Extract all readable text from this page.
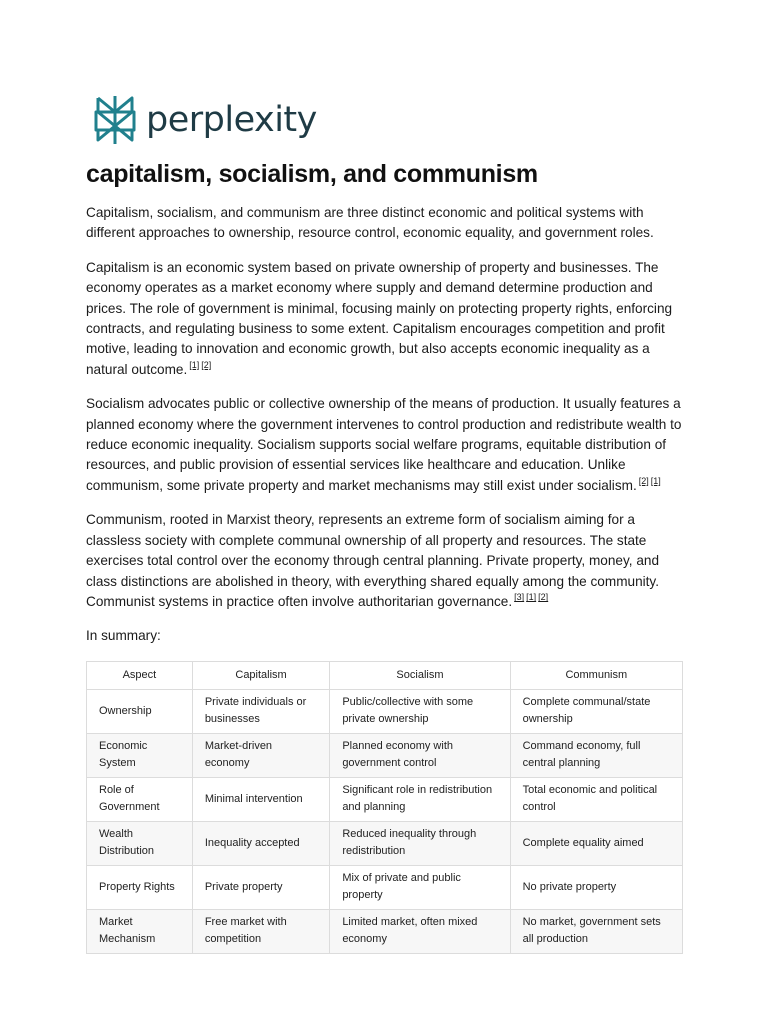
perplexity
capitalism, socialism, and communism

Capitalism, socialism, and communism are three distinct economic and political systems with different approaches to ownership, resource control, economic equality, and government roles.

Capitalism is an economic system based on private ownership of property and businesses. The economy operates as a market economy where supply and demand determine production and prices. The role of government is minimal, focusing mainly on protecting property rights, enforcing contracts, and regulating business to some extent. Capitalism encourages competition and profit motive, leading to innovation and economic growth, but also accepts economic inequality as a natural outcome. [1] [2]

Socialism advocates public or collective ownership of the means of production. It usually features a planned economy where the government intervenes to control production and redistribute wealth to reduce economic inequality. Socialism supports social welfare programs, equitable distribution of resources, and public provision of essential services like healthcare and education. Unlike communism, some private property and market mechanisms may still exist under socialism. [2] [1]

Communism, rooted in Marxist theory, represents an extreme form of socialism aiming for a classless society with complete communal ownership of all property and resources. The state exercises total control over the economy through central planning. Private property, money, and class distinctions are abolished in theory, with everything shared equally among the community. Communist systems in practice often involve authoritarian governance. [3] [1] [2]

In summary:

Aspect	Capitalism	Socialism	Communism
Ownership	Private individuals or businesses	Public/collective with some private ownership	Complete communal/state ownership
Economic System	Market-driven economy	Planned economy with government control	Command economy, full central planning
Role of Government	Minimal intervention	Significant role in redistribution and planning	Total economic and political control
Wealth Distribution	Inequality accepted	Reduced inequality through redistribution	Complete equality aimed
Property Rights	Private property	Mix of private and public property	No private property
Market Mechanism	Free market with competition	Limited market, often mixed economy	No market, government sets all production
